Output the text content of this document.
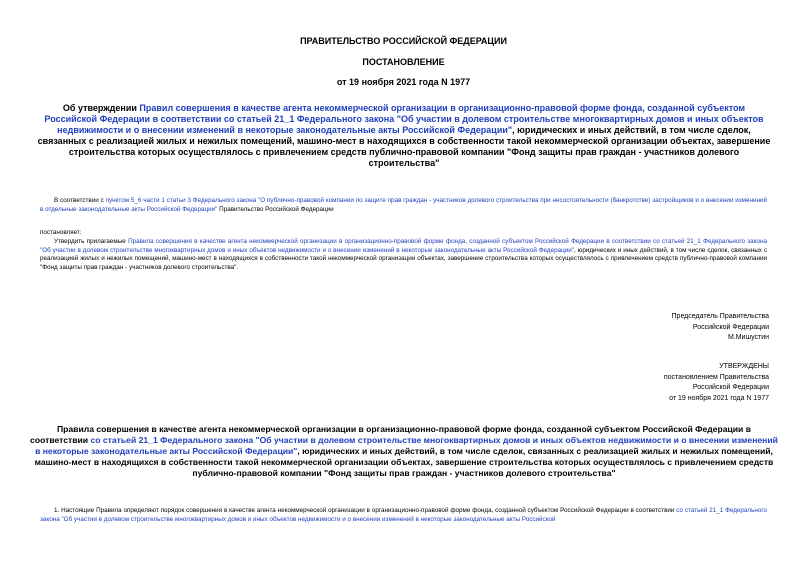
ПРАВИТЕЛЬСТВО РОССИЙСКОЙ ФЕДЕРАЦИИ
ПОСТАНОВЛЕНИЕ
от 19 ноября 2021 года N 1977
Об утверждении Правил совершения в качестве агента некоммерческой организации в организационно-правовой форме фонда, созданной субъектом Российской Федерации в соответствии со статьей 21_1 Федерального закона "Об участии в долевом строительстве многоквартирных домов и иных объектов недвижимости и о внесении изменений в некоторые законодательные акты Российской Федерации", юридических и иных действий, в том числе сделок, связанных с реализацией жилых и нежилых помещений, машино-мест в находящихся в собственности такой некоммерческой организации объектах, завершение строительства которых осуществлялось с привлечением средств публично-правовой компании "Фонд защиты прав граждан - участников долевого строительства"
В соответствии с пунктом 5_6 части 1 статьи 3 Федерального закона "О публично-правовой компании по защите прав граждан - участников долевого строительства при несостоятельности (банкротстве) застройщиков и о внесении изменений в отдельные законодательные акты Российской Федерации" Правительство Российской Федерации
постановляет:
Утвердить прилагаемые Правила совершения в качестве агента некоммерческой организации в организационно-правовой форме фонда, созданной субъектом Российской Федерации в соответствии со статьей 21_1 Федерального закона "Об участии в долевом строительстве многоквартирных домов и иных объектов недвижимости и о внесении изменений в некоторые законодательные акты Российской Федерации", юридических и иных действий, в том числе сделок, связанных с реализацией жилых и нежилых помещений, машино-мест в находящихся в собственности такой некоммерческой организации объектах, завершение строительства которых осуществлялось с привлечением средств публично-правовой компании "Фонд защиты прав граждан - участников долевого строительства".
Председатель Правительства
Российской Федерации
М.Мишустин
УТВЕРЖДЕНЫ
постановлением Правительства
Российской Федерации
от 19 ноября 2021 года N 1977
Правила совершения в качестве агента некоммерческой организации в организационно-правовой форме фонда, созданной субъектом Российской Федерации в соответствии со статьей 21_1 Федерального закона "Об участии в долевом строительстве многоквартирных домов и иных объектов недвижимости и о внесении изменений в некоторые законодательные акты Российской Федерации", юридических и иных действий, в том числе сделок, связанных с реализацией жилых и нежилых помещений, машино-мест в находящихся в собственности такой некоммерческой организации объектах, завершение строительства которых осуществлялось с привлечением средств публично-правовой компании "Фонд защиты прав граждан - участников долевого строительства"
1. Настоящие Правила определяют порядок совершения в качестве агента некоммерческой организации в организационно-правовой форме фонда, созданной субъектом Российской Федерации в соответствии со статьей 21_1 Федерального закона "Об участии в долевом строительстве многоквартирных домов и иных объектов недвижимости и о внесении изменений в некоторые законодательные акты Российской
